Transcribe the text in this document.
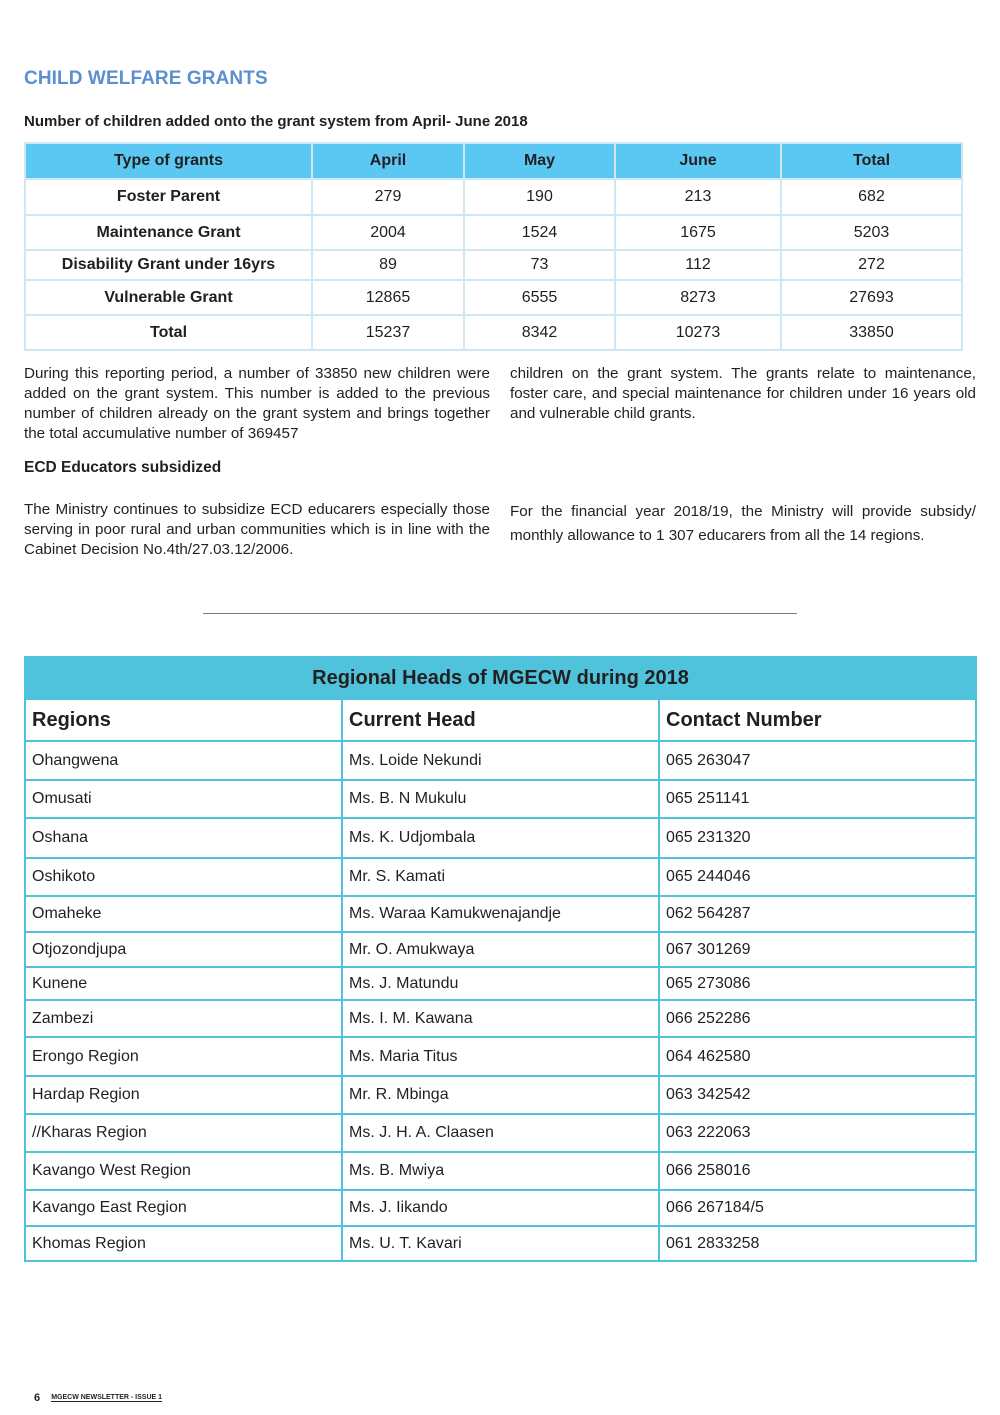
CHILD WELFARE GRANTS

Number of children added onto the grant system from April- June 2018

Type of grants	April	May	June	Total
Foster Parent	279	190	213	682
Maintenance Grant	2004	1524	1675	5203
Disability Grant under 16yrs	89	73	112	272
Vulnerable Grant	12865	6555	8273	27693
Total	15237	8342	10273	33850

During this reporting period, a number of 33850 new children were added on the grant system. This number is added to the previous number of children already on the grant system and brings together the total accumulative number of 369457

children on the grant system. The grants relate to maintenance, foster care, and special maintenance for children under 16 years old and vulnerable child grants.

ECD Educators subsidized

The Ministry continues to subsidize ECD educarers especially those serving in poor rural and urban communities which is in line with the Cabinet Decision No.4th/27.03.12/2006.

For the financial year 2018/19, the Ministry will provide subsidy/ monthly allowance to 1 307 educarers from all the 14 regions.

Regional Heads of MGECW during 2018		
Regions	Current Head	Contact Number
Ohangwena	Ms. Loide Nekundi	065 263047
Omusati	Ms. B. N Mukulu	065 251141
Oshana	Ms. K. Udjombala	065 231320
Oshikoto	Mr. S. Kamati	065 244046
Omaheke	Ms. Waraa Kamukwenajandje	062 564287
Otjozondjupa	Mr. O. Amukwaya	067 301269
Kunene	Ms. J. Matundu	065 273086
Zambezi	Ms. I. M. Kawana	066 252286
Erongo Region	Ms. Maria Titus	064 462580
Hardap Region	Mr. R. Mbinga	063 342542
//Kharas Region	Ms. J. H. A. Claasen	063 222063
Kavango West Region	Ms. B. Mwiya	066 258016
Kavango East Region	Ms. J. Iikando	066 267184/5
Khomas Region	Ms. U. T. Kavari	061 2833258
6 MGECW NEWSLETTER - ISSUE 1
